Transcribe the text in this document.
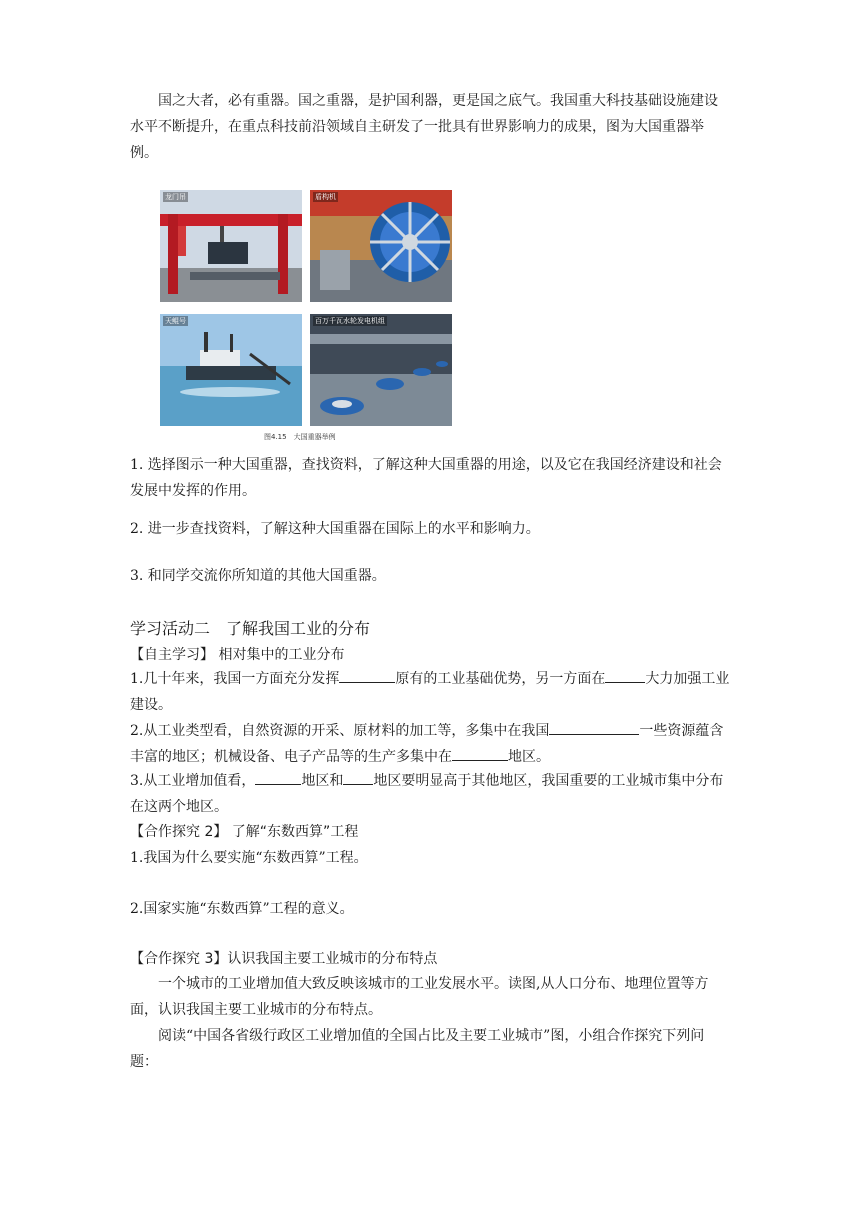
国之大者，必有重器。国之重器，是护国利器，更是国之底气。我国重大科技基础设施建设水平不断提升，在重点科技前沿领域自主研发了一批具有世界影响力的成果，图为大国重器举例。

龙门吊	盾构机
天鲲号	百万千瓦水轮发电机组
图4.15　大国重器举例

1. 选择图示一种大国重器，查找资料，了解这种大国重器的用途，以及它在我国经济建设和社会发展中发挥的作用。

2. 进一步查找资料，了解这种大国重器在国际上的水平和影响力。

3. 和同学交流你所知道的其他大国重器。

学习活动二　了解我国工业的分布
【自主学习】 相对集中的工业分布

1.几十年来，我国一方面充分发挥	原有的工业基础优势，另一方面在	大力加强工业建设。

2.从工业类型看，自然资源的开采、原材料的加工等，多集中在我国	一些资源蕴含丰富的地区；机械设备、电子产品等的生产多集中在	地区。

3.从工业增加值看，	地区和 地区要明显高于其他地区，我国重要的工业城市集中分布在这两个地区。

【合作探究 2】 了解“东数西算”工程

1.我国为什么要实施“东数西算”工程。

2.国家实施“东数西算”工程的意义。

【合作探究 3】认识我国主要工业城市的分布特点

一个城市的工业增加值大致反映该城市的工业发展水平。读图,从人口分布、地理位置等方面，认识我国主要工业城市的分布特点。

阅读“中国各省级行政区工业增加值的全国占比及主要工业城市”图，小组合作探究下列问题：
